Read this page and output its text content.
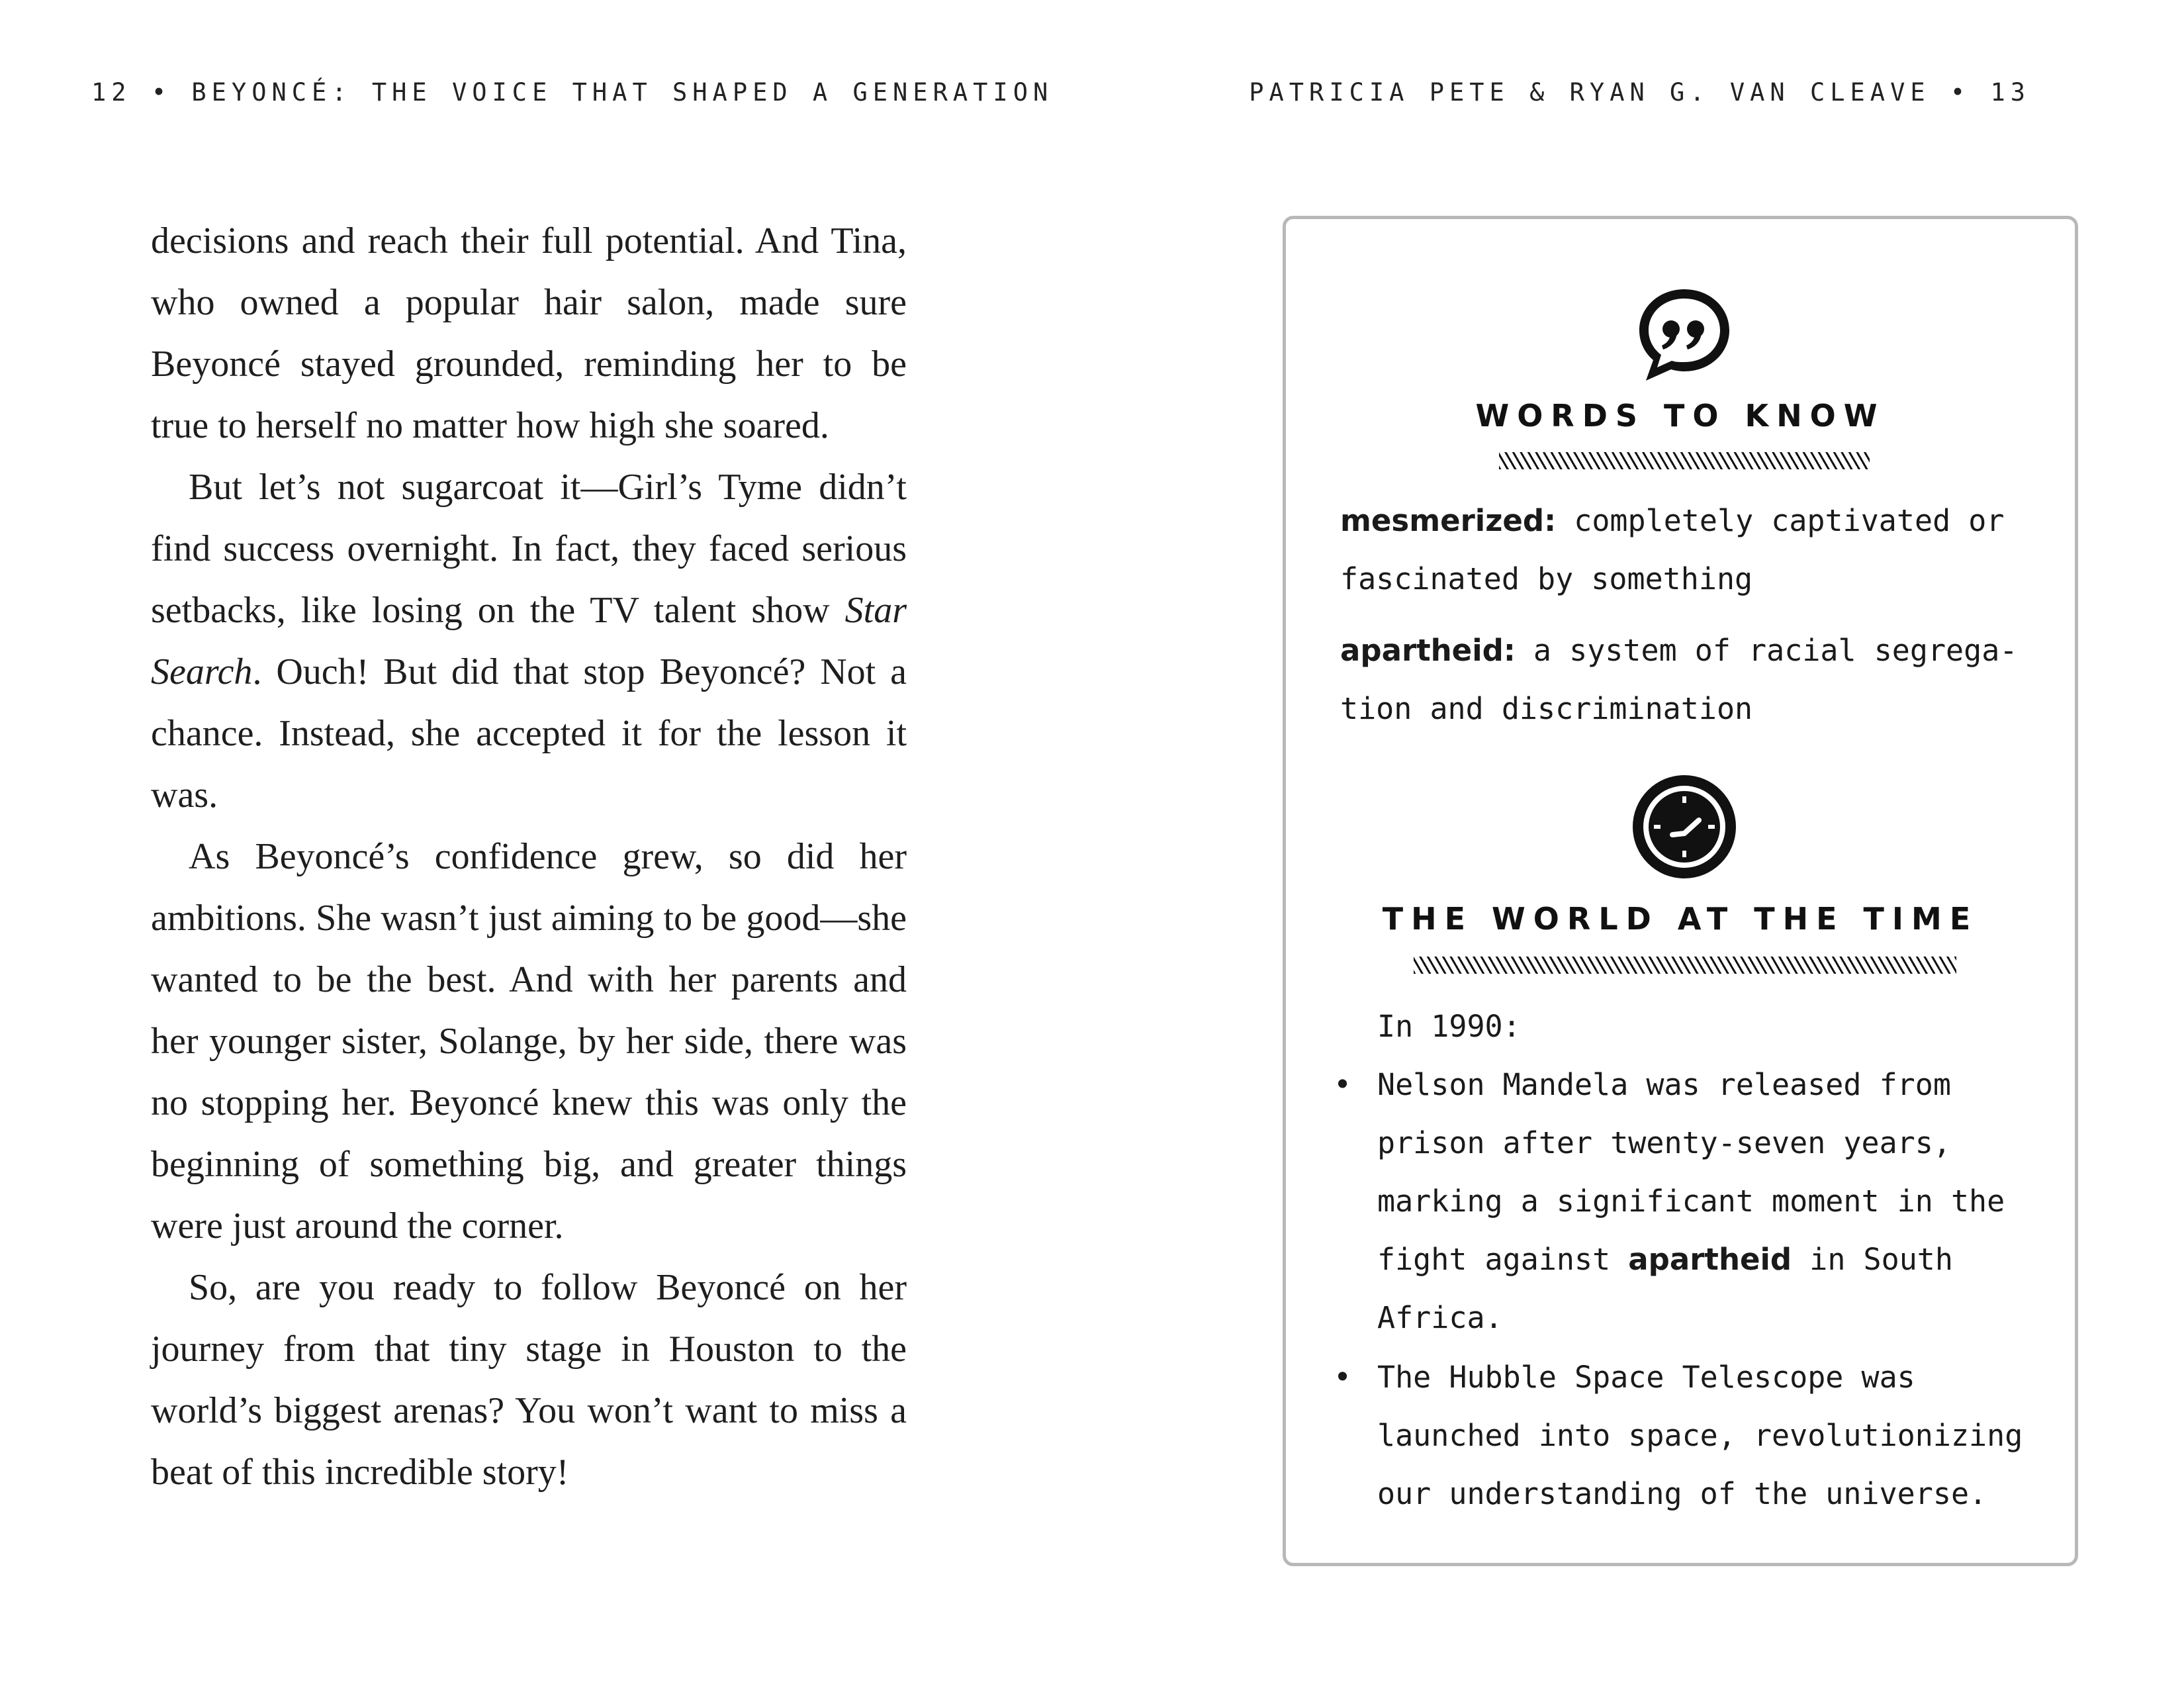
12 • BEYONCÉ: THE VOICE THAT SHAPED A GENERATION	PATRICIA PETE & RYAN G. VAN CLEAVE • 13

decisions and reach their full potential. And Tina, who owned a popular hair salon, made sure Beyoncé stayed grounded, reminding her to be true to herself no matter how high she soared.

But let’s not sugarcoat it—Girl’s Tyme didn’t find success overnight. In fact, they faced serious setbacks, like losing on the TV talent show Star Search. Ouch! But did that stop Beyoncé? Not a chance. Instead, she accepted it for the lesson it was.

As Beyoncé’s confidence grew, so did her ambitions. She wasn’t just aiming to be good—she wanted to be the best. And with her parents and her younger sister, Solange, by her side, there was no stopping her. Beyoncé knew this was only the beginning of something big, and greater things were just around the corner.

So, are you ready to follow Beyoncé on her journey from that tiny stage in Houston to the world’s biggest arenas? You won’t want to miss a beat of this incredible story!

WORDS TO KNOW
mesmerized: completely captivated or fascinated by something
apartheid: a system of racial segrega-tion and discrimination
THE WORLD AT THE TIME
In 1990:
• Nelson Mandela was released from prison after twenty-seven years, marking a significant moment in the fight against apartheid in South Africa.
• The Hubble Space Telescope was launched into space, revolutionizing our understanding of the universe.
